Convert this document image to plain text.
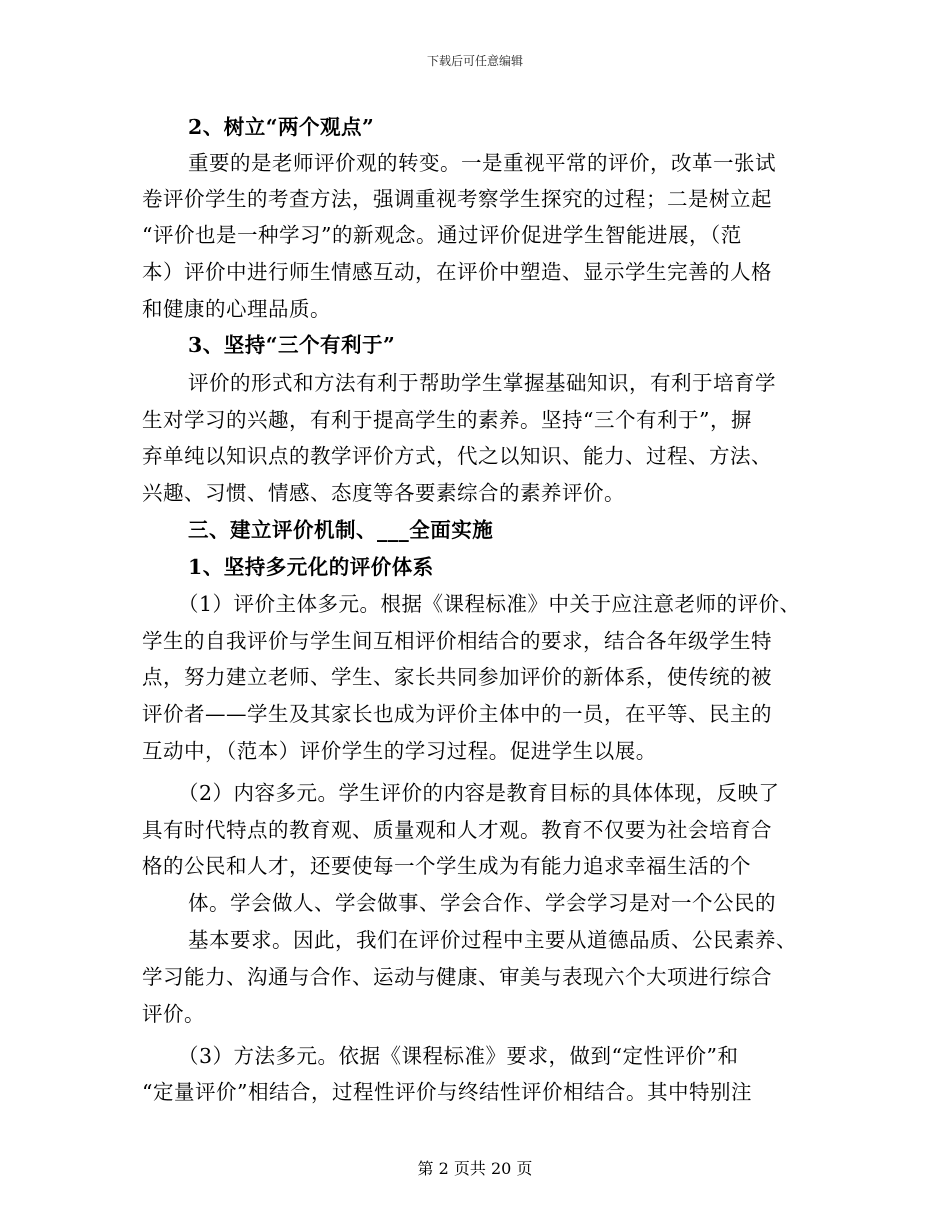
下载后可任意编辑
2、树立“两个观点”
重要的是老师评价观的转变。一是重视平常的评价，改革一张试
卷评价学生的考查方法，强调重视考察学生探究的过程；二是树立起
“评价也是一种学习”的新观念。通过评价促进学生智能进展，（范
本）评价中进行师生情感互动，在评价中塑造、显示学生完善的人格
和健康的心理品质。
3、坚持“三个有利于”
评价的形式和方法有利于帮助学生掌握基础知识，有利于培育学
生对学习的兴趣，有利于提高学生的素养。坚持“三个有利于”，摒
弃单纯以知识点的教学评价方式，代之以知识、能力、过程、方法、
兴趣、习惯、情感、态度等各要素综合的素养评价。
三、建立评价机制、___全面实施
1、坚持多元化的评价体系
（1）评价主体多元。根据《课程标准》中关于应注意老师的评价、
学生的自我评价与学生间互相评价相结合的要求，结合各年级学生特
点，努力建立老师、学生、家长共同参加评价的新体系，使传统的被
评价者——学生及其家长也成为评价主体中的一员，在平等、民主的
互动中，（范本）评价学生的学习过程。促进学生以展。
（2）内容多元。学生评价的内容是教育目标的具体体现，反映了
具有时代特点的教育观、质量观和人才观。教育不仅要为社会培育合
格的公民和人才，还要使每一个学生成为有能力追求幸福生活的个
体。学会做人、学会做事、学会合作、学会学习是对一个公民的
基本要求。因此，我们在评价过程中主要从道德品质、公民素养、
学习能力、沟通与合作、运动与健康、审美与表现六个大项进行综合
评价。
（3）方法多元。依据《课程标准》要求，做到“定性评价”和
“定量评价”相结合，过程性评价与终结性评价相结合。其中特别注
第 2 页共 20 页
